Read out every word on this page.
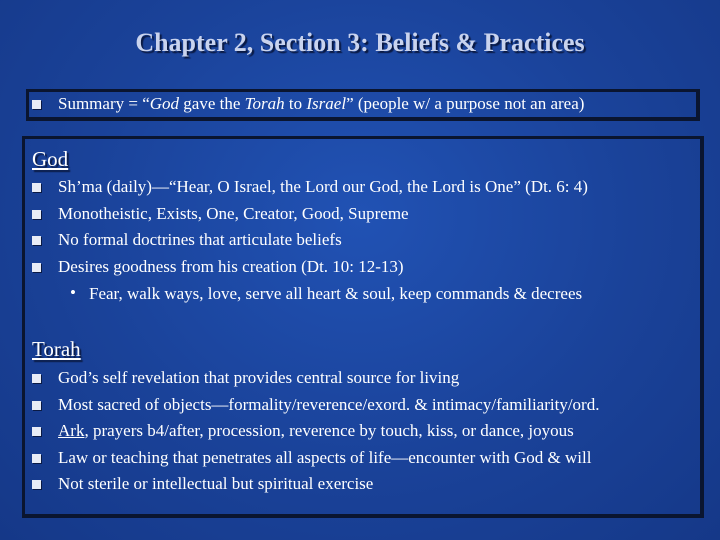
Chapter 2, Section 3: Beliefs & Practices
Summary = “God gave the Torah to Israel” (people w/ a purpose not an area)
God
Sh’ma (daily)—“Hear, O Israel, the Lord our God, the Lord is One” (Dt. 6: 4)
Monotheistic, Exists, One, Creator, Good, Supreme
No formal doctrines that articulate beliefs
Desires goodness from his creation (Dt. 10: 12-13)
• Fear, walk ways, love, serve all heart & soul, keep commands & decrees
Torah
God’s self revelation that provides central source for living
Most sacred of objects—formality/reverence/exord. & intimacy/familiarity/ord.
Ark, prayers b4/after, procession, reverence by touch, kiss, or dance, joyous
Law or teaching that penetrates all aspects of life—encounter with God & will
Not sterile or intellectual but spiritual exercise
